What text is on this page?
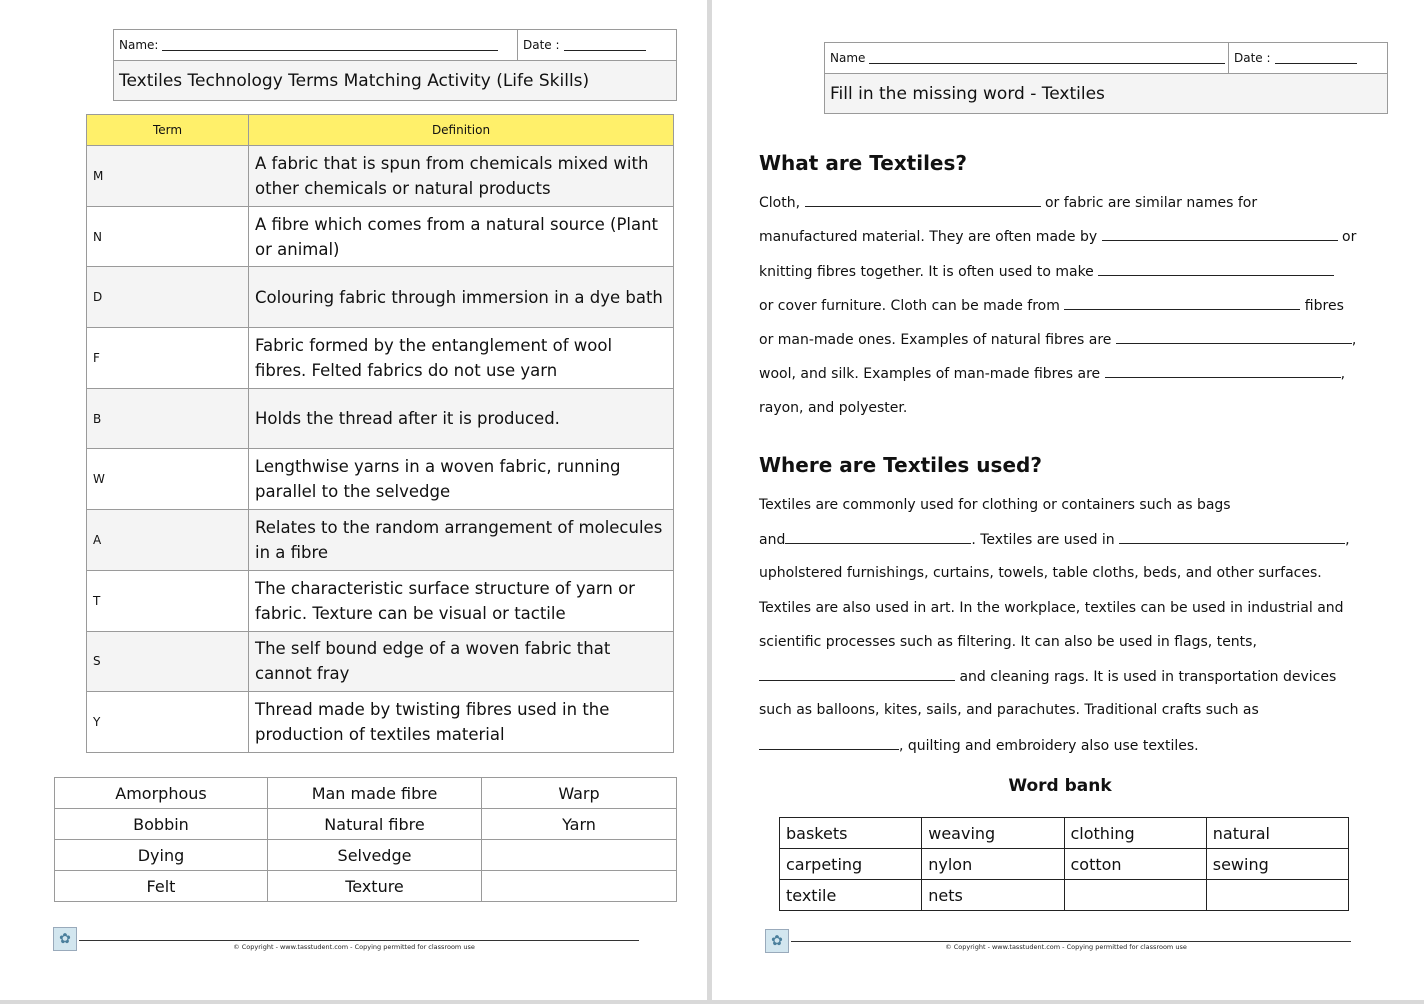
Name:	Date :
Textiles Technology Terms Matching Activity (Life Skills)
Term	Definition
M	A fabric that is spun from chemicals mixed with other chemicals or natural products
N	A fibre which comes from a natural source (Plant or animal)
D	Colouring fabric through immersion in a dye bath
F	Fabric formed by the entanglement of wool fibres. Felted fabrics do not use yarn
B	Holds the thread after it is produced.
W	Lengthwise yarns in a woven fabric, running parallel to the selvedge
A	Relates to the random arrangement of molecules in a fibre
T	The characteristic surface structure of yarn or fabric. Texture can be visual or tactile
S	The self bound edge of a woven fabric that cannot fray
Y	Thread made by twisting fibres used in the production of textiles material
Amorphous	Man made fibre	Warp
Bobbin	Natural fibre	Yarn
Dying	Selvedge	
Felt	Texture	
✿	© Copyright - www.tasstudent.com - Copying permitted for classroom use
Name	Date :
Fill in the missing word - Textiles
What are Textiles?
Cloth,	or fabric are similar names for
manufactured material. They are often made by	or
knitting fibres together. It is often used to make
or cover furniture. Cloth can be made from	fibres
or man-made ones. Examples of natural fibres are	,
wool, and silk. Examples of man-made fibres are	,
rayon, and polyester.
Where are Textiles used?
Textiles are commonly used for clothing or containers such as bags
and	. Textiles are used in	,
upholstered furnishings, curtains, towels, table cloths, beds, and other surfaces.
Textiles are also used in art. In the workplace, textiles can be used in industrial and
scientific processes such as filtering. It can also be used in flags, tents,
and cleaning rags. It is used in transportation devices
such as balloons, kites, sails, and parachutes. Traditional crafts such as
, quilting and embroidery also use textiles.
Word bank
baskets	weaving	clothing	natural
carpeting	nylon	cotton	sewing
textile	nets		
✿	© Copyright - www.tasstudent.com - Copying permitted for classroom use
